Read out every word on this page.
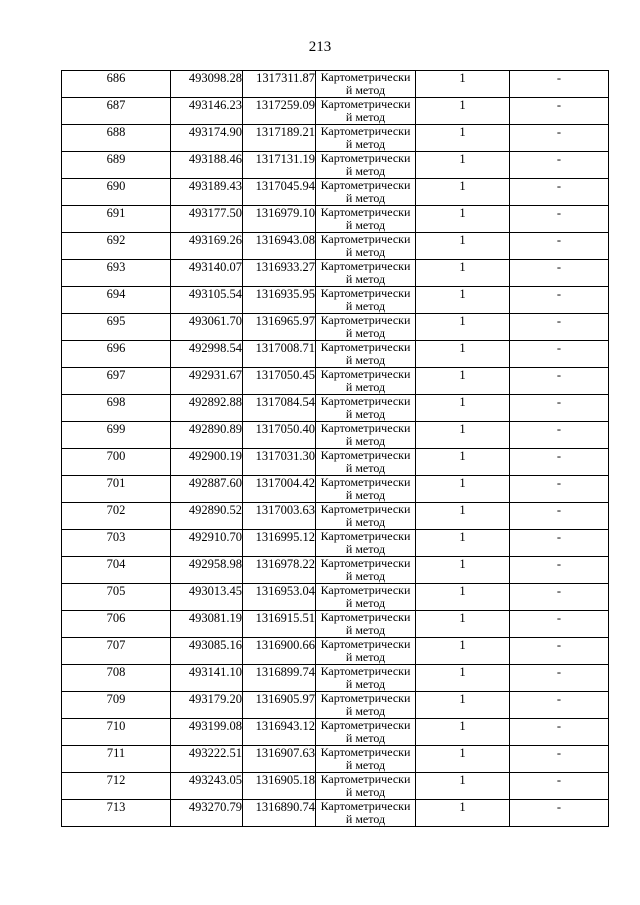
213
686	493098.28	1317311.87	Картометрически й метод	1	-

687	493146.23	1317259.09	Картометрически й метод	1	-

688	493174.90	1317189.21	Картометрически й метод	1	-

689	493188.46	1317131.19	Картометрически й метод	1	-

690	493189.43	1317045.94	Картометрически й метод	1	-

691	493177.50	1316979.10	Картометрически й метод	1	-

692	493169.26	1316943.08	Картометрически й метод	1	-

693	493140.07	1316933.27	Картометрически й метод	1	-

694	493105.54	1316935.95	Картометрически й метод	1	-

695	493061.70	1316965.97	Картометрически й метод	1	-

696	492998.54	1317008.71	Картометрически й метод	1	-

697	492931.67	1317050.45	Картометрически й метод	1	-

698	492892.88	1317084.54	Картометрически й метод	1	-

699	492890.89	1317050.40	Картометрически й метод	1	-

700	492900.19	1317031.30	Картометрически й метод	1	-

701	492887.60	1317004.42	Картометрически й метод	1	-

702	492890.52	1317003.63	Картометрически й метод	1	-

703	492910.70	1316995.12	Картометрически й метод	1	-

704	492958.98	1316978.22	Картометрически й метод	1	-

705	493013.45	1316953.04	Картометрически й метод	1	-

706	493081.19	1316915.51	Картометрически й метод	1	-

707	493085.16	1316900.66	Картометрически й метод	1	-

708	493141.10	1316899.74	Картометрически й метод	1	-

709	493179.20	1316905.97	Картометрически й метод	1	-

710	493199.08	1316943.12	Картометрически й метод	1	-

711	493222.51	1316907.63	Картометрически й метод	1	-

712	493243.05	1316905.18	Картометрически й метод	1	-

713	493270.79	1316890.74	Картометрически й метод	1	-
